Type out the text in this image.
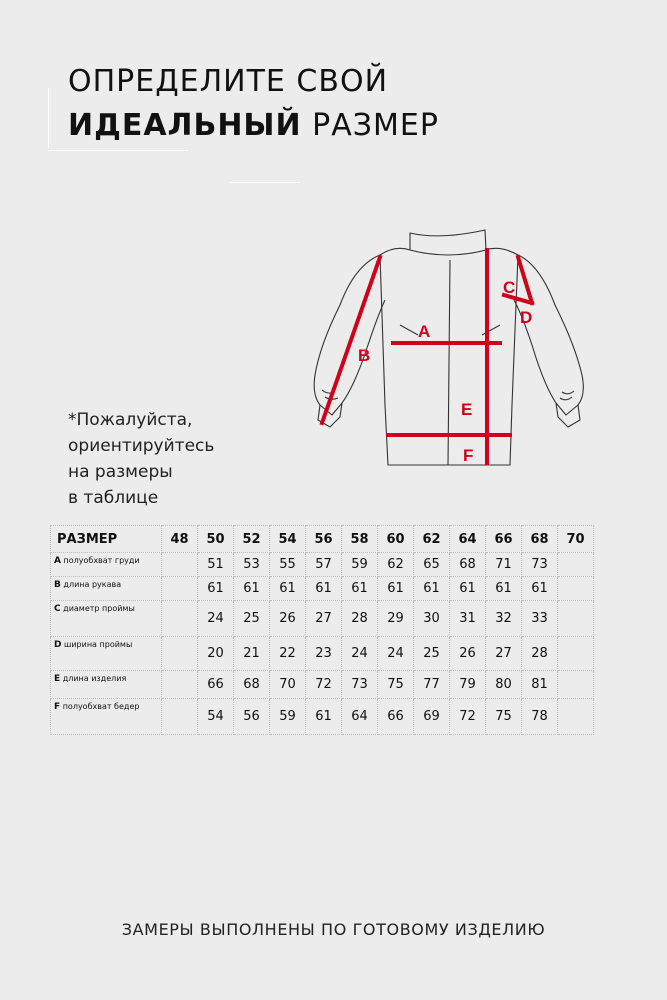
ОПРЕДЕЛИТЕ СВОЙ
ИДЕАЛЬНЫЙ РАЗМЕР
*Пожалуйста,
ориентируйтесь
на размеры
в таблице
A
B
C
D
E
F
РАЗМЕР	48	50	52	54	56	58	60	62	64	66	68	70
A полуобхват груди		51	53	55	57	59	62	65	68	71	73	
B длина рукава		61	61	61	61	61	61	61	61	61	61	
C диаметр проймы		24	25	26	27	28	29	30	31	32	33	
D ширина проймы		20	21	22	23	24	24	25	26	27	28	
E длина изделия		66	68	70	72	73	75	77	79	80	81	
F полуобхват бедер		54	56	59	61	64	66	69	72	75	78	
ЗАМЕРЫ ВЫПОЛНЕНЫ ПО ГОТОВОМУ ИЗДЕЛИЮ
